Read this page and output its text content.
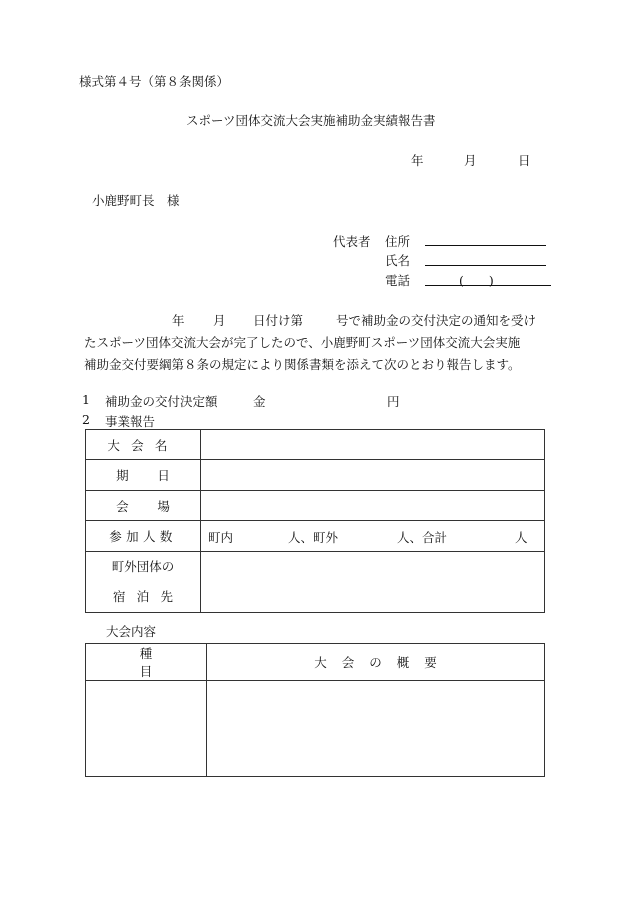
様式第４号（第８条関係）
スポーツ団体交流大会実施補助金実績報告書
年	月	日
小鹿野町長　様
代表者 住所
氏名
電話	(　　)
年 月 日付け第	号で補助金の交付決定の通知を受け
たスポーツ団体交流大会が完了したので、小鹿野町スポーツ団体交流大会実施
補助金交付要綱第８条の規定により関係書類を添えて次のとおり報告します。
1 補助金の交付決定額	金	円
2 事業報告
大会名	
期日	
会場	
参加人数	町内 人、町外 人、合計 人

町外団体の
宿泊先	

大会内容
種目	大会の概要
